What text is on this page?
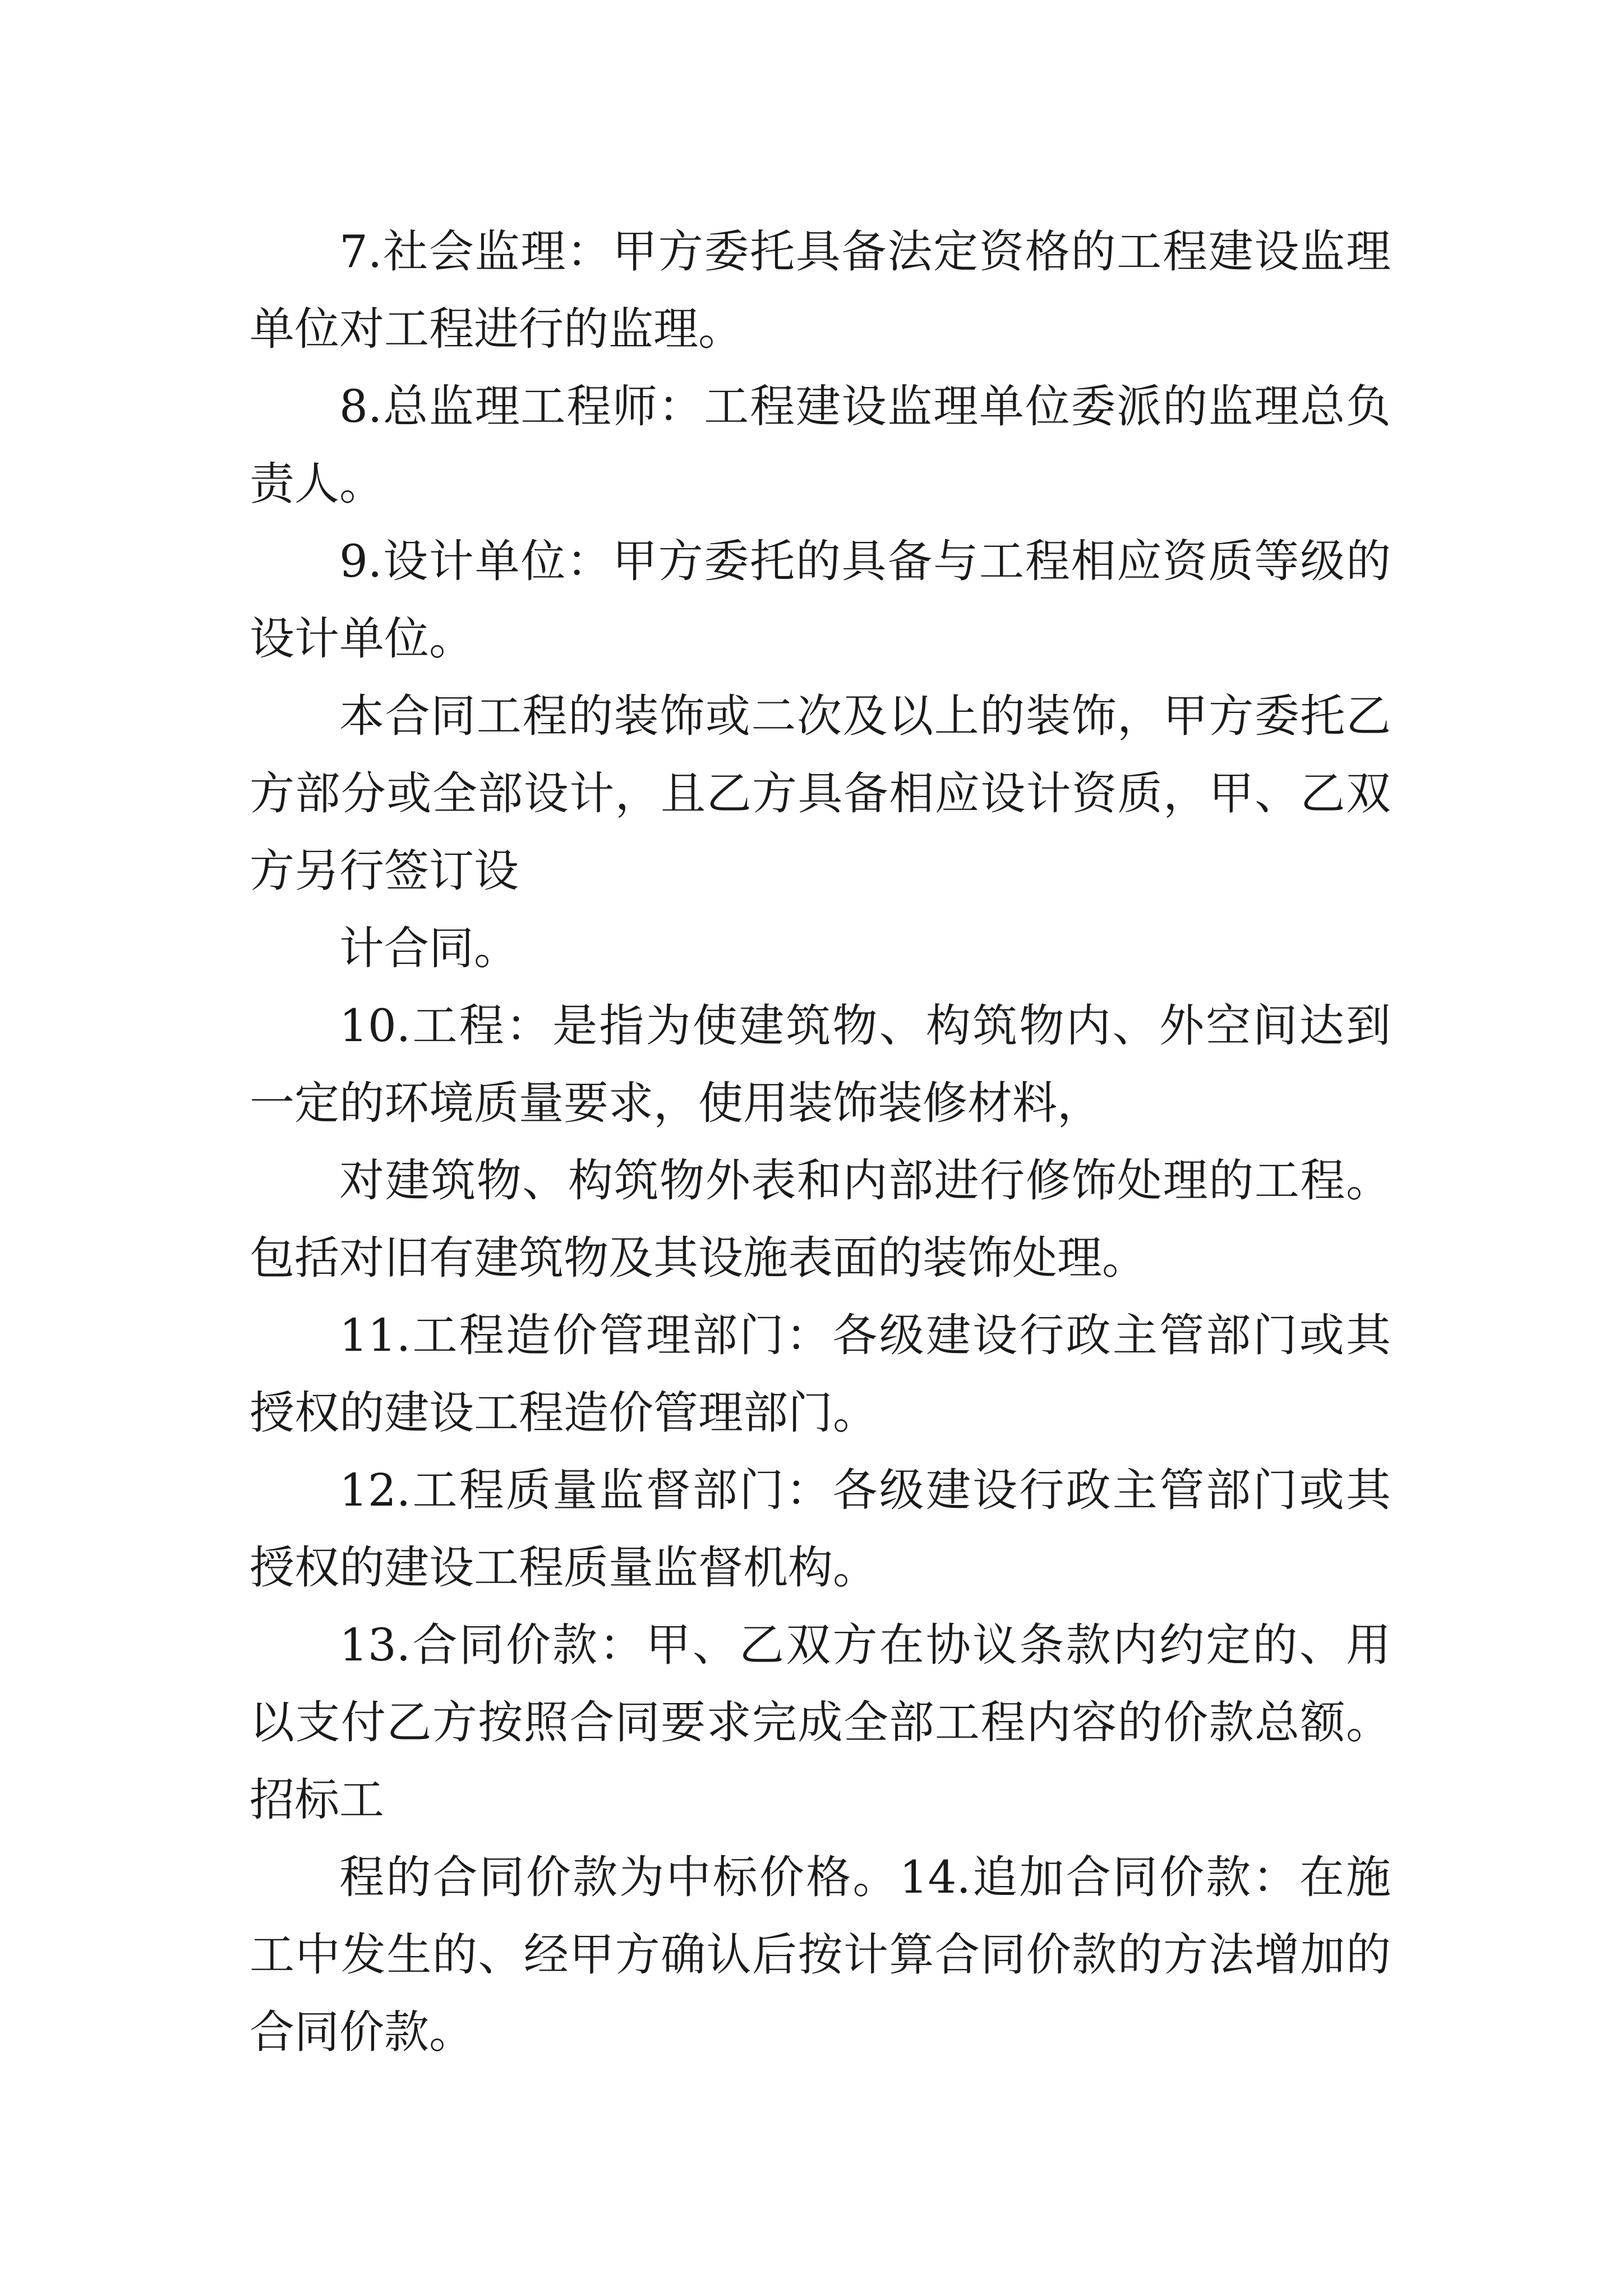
7.社会监理：甲方委托具备法定资格的工程建设监理单位对工程进行的监理。

8.总监理工程师：工程建设监理单位委派的监理总负责人。

9.设计单位：甲方委托的具备与工程相应资质等级的设计单位。

本合同工程的装饰或二次及以上的装饰，甲方委托乙方部分或全部设计，且乙方具备相应设计资质，甲、乙双方另行签订设

计合同。

10.工程：是指为使建筑物、构筑物内、外空间达到一定的环境质量要求，使用装饰装修材料，

对建筑物、构筑物外表和内部进行修饰处理的工程。包括对旧有建筑物及其设施表面的装饰处理。

11.工程造价管理部门：各级建设行政主管部门或其授权的建设工程造价管理部门。

12.工程质量监督部门：各级建设行政主管部门或其授权的建设工程质量监督机构。

13.合同价款：甲、乙双方在协议条款内约定的、用以支付乙方按照合同要求完成全部工程内容的价款总额。招标工

程的合同价款为中标价格。14.追加合同价款：在施工中发生的、经甲方确认后按计算合同价款的方法增加的合同价款。
